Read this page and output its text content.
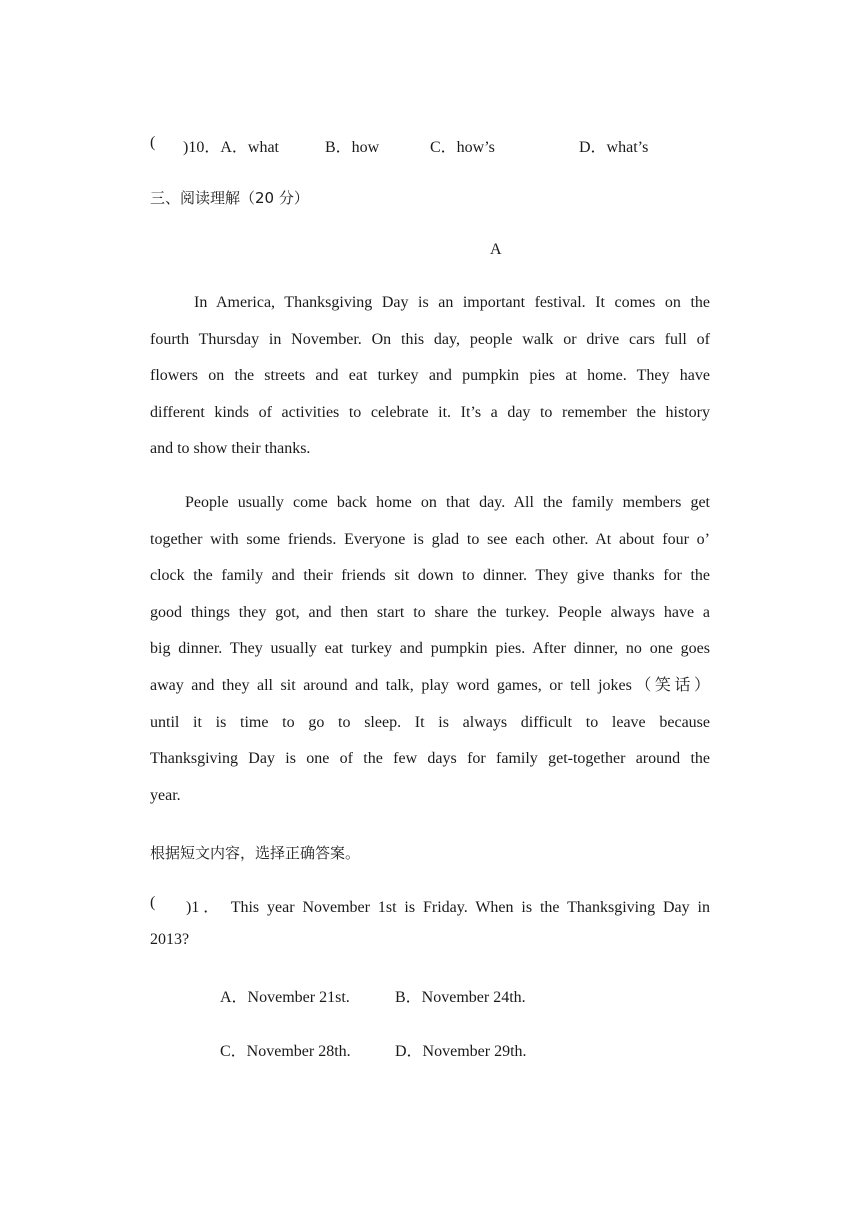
( )10．A．what	B．how	C．how’s	D．what’s
三、阅读理解（20 分）
A
In America, Thanksgiving Day is an important festival. It comes on the
fourth Thursday in November. On this day, people walk or drive cars full of
flowers on the streets and eat turkey and pumpkin pies at home. They have
different kinds of activities to celebrate it. It’s a day to remember the history
and to show their thanks.
People usually come back home on that day. All the family members get
together with some friends. Everyone is glad to see each other. At about four o’
clock the family and their friends sit down to dinner. They give thanks for the
good things they got, and then start to share the turkey. People always have a
big dinner. They usually eat turkey and pumpkin pies. After dinner, no one goes
away and they all sit around and talk, play word games, or tell jokes（笑话）
until it is time to go to sleep. It is always difficult to leave because
Thanksgiving Day is one of the few days for family get-together around the
year.
根据短文内容，选择正确答案。
( )1． This year November 1st is Friday. When is the Thanksgiving Day in
2013?
A．November 21st.	B．November 24th.
C．November 28th.	D．November 29th.
